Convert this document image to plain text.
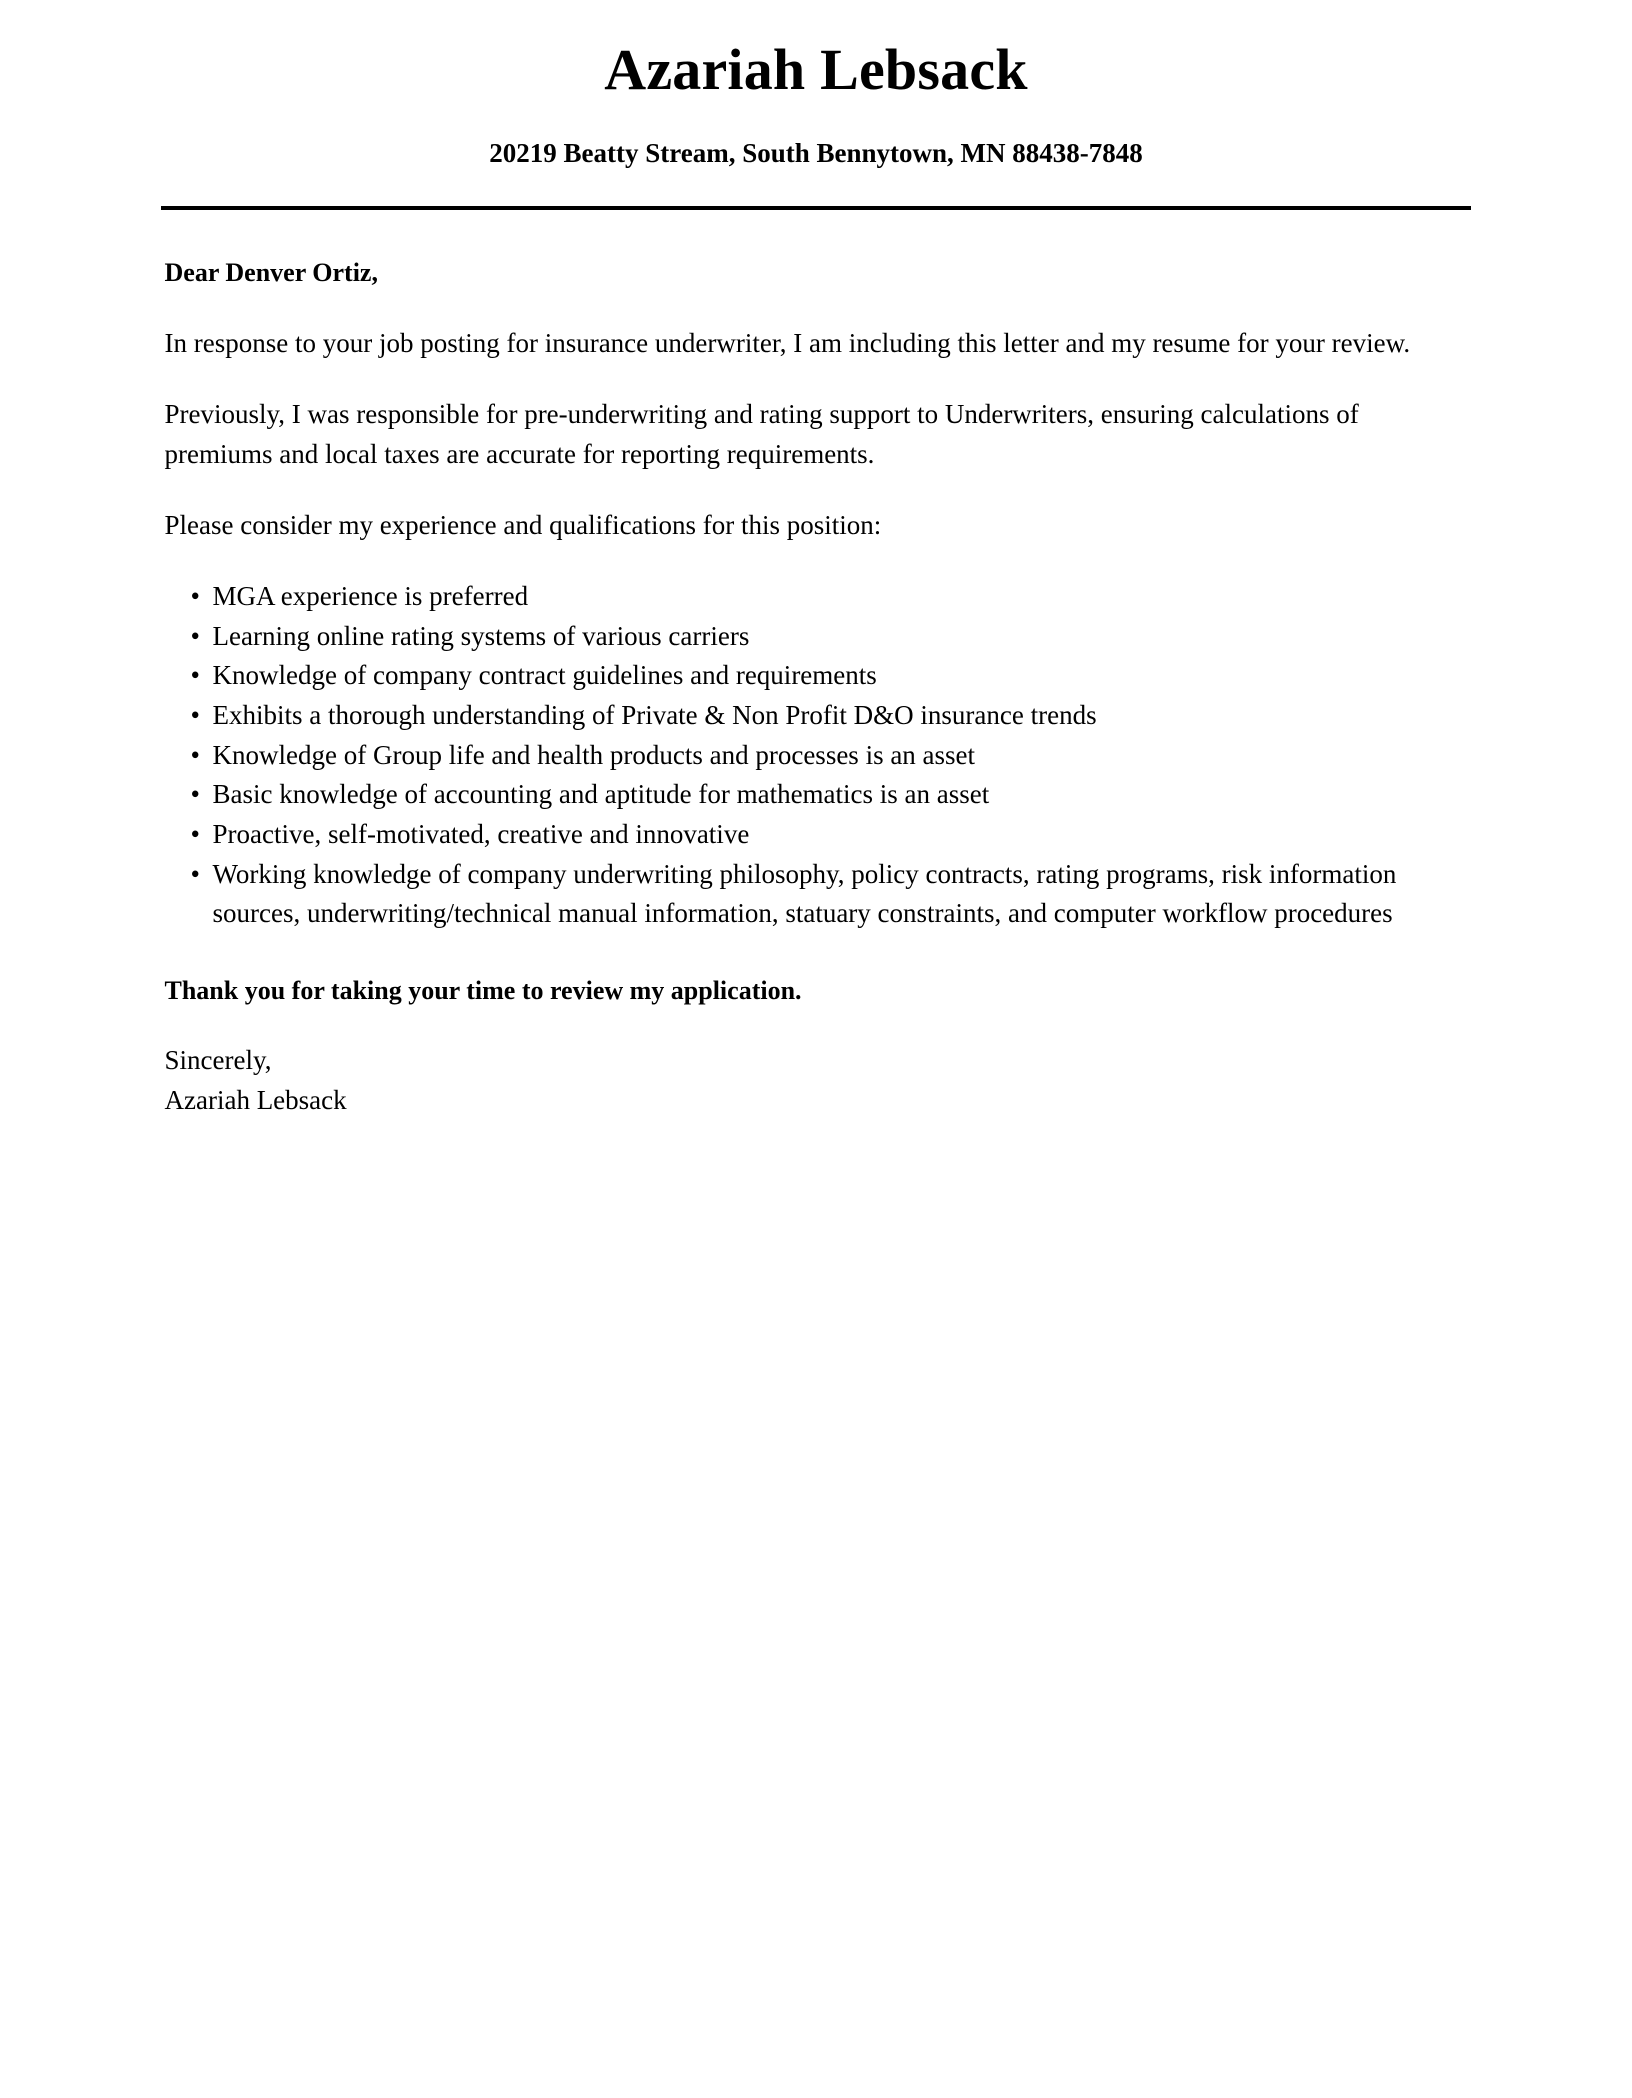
Azariah Lebsack
20219 Beatty Stream, South Bennytown, MN 88438-7848

Dear Denver Ortiz,

In response to your job posting for insurance underwriter, I am including this letter and my resume for your review.

Previously, I was responsible for pre-underwriting and rating support to Underwriters, ensuring calculations of premiums and local taxes are accurate for reporting requirements.

Please consider my experience and qualifications for this position:

• MGA experience is preferred
• Learning online rating systems of various carriers
• Knowledge of company contract guidelines and requirements
• Exhibits a thorough understanding of Private & Non Profit D&O insurance trends
• Knowledge of Group life and health products and processes is an asset
• Basic knowledge of accounting and aptitude for mathematics is an asset
• Proactive, self-motivated, creative and innovative
• Working knowledge of company underwriting philosophy, policy contracts, rating programs, risk information sources, underwriting/technical manual information, statuary constraints, and computer workflow procedures

Thank you for taking your time to review my application.

Sincerely,
Azariah Lebsack
